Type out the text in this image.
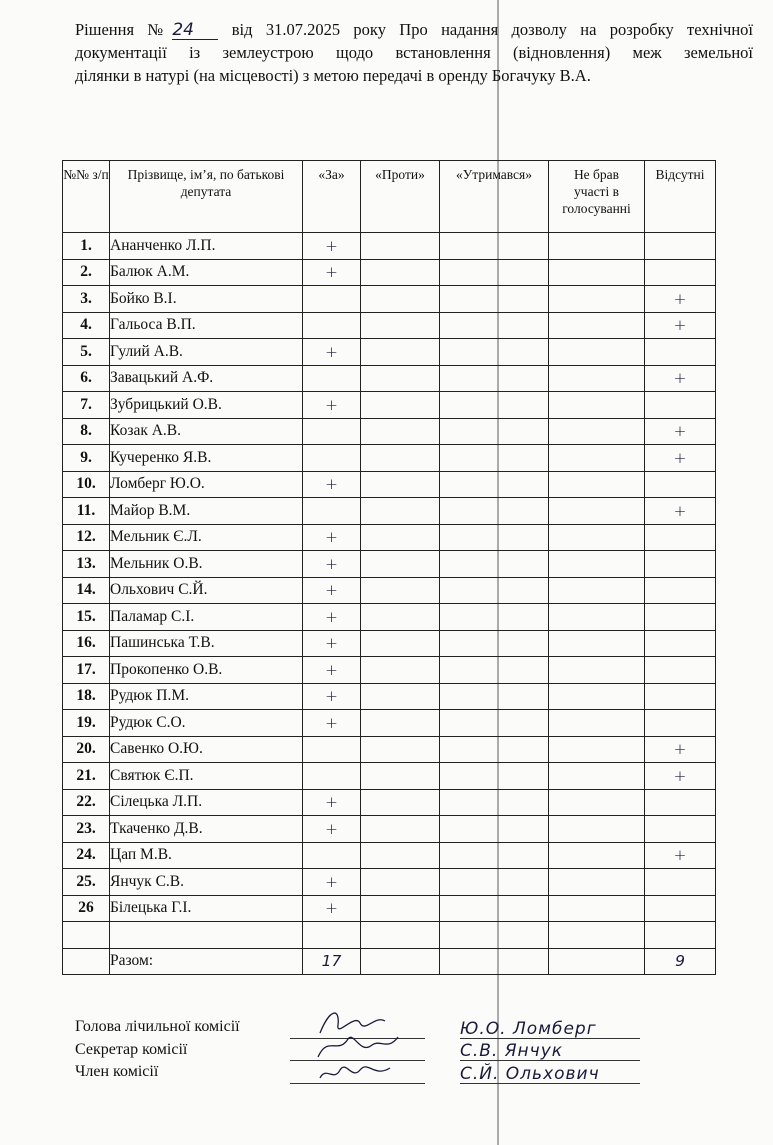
Рішення №24 від 31.07.2025 року Про надання дозволу на розробку технічної
документації із землеустрою щодо встановлення (відновлення) меж земельної
ділянки в натурі (на місцевості) з метою передачі в оренду Богачуку В.А.
№№ з/п	Прізвище, ім’я, по батькові депутата	«За»	«Проти»	«Утримався»	Не брав участі в голосуванні	Відсутні
1.	Ананченко Л.П.	+				
2.	Балюк А.М.	+				
3.	Бойко В.І.					+
4.	Гальоса В.П.					+
5.	Гулий А.В.	+				
6.	Завацький А.Ф.					+
7.	Зубрицький О.В.	+				
8.	Козак А.В.					+
9.	Кучеренко Я.В.					+
10.	Ломберг Ю.О.	+				
11.	Майор В.М.					+
12.	Мельник Є.Л.	+				
13.	Мельник О.В.	+				
14.	Ольхович С.Й.	+				
15.	Паламар С.І.	+				
16.	Пашинська Т.В.	+				
17.	Прокопенко О.В.	+				
18.	Рудюк П.М.	+				
19.	Рудюк С.О.	+				
20.	Савенко О.Ю.					+
21.	Святюк Є.П.					+
22.	Сілецька Л.П.	+				
23.	Ткаченко Д.В.	+				
24.	Цап М.В.					+
25.	Янчук С.В.	+				
26	Білецька Г.І.	+				

	Разом:	17				9
Голова лічильної комісії	Ю.О. Ломберг
Секретар комісії	С.В. Янчук
Член комісії	С.Й. Ольхович
